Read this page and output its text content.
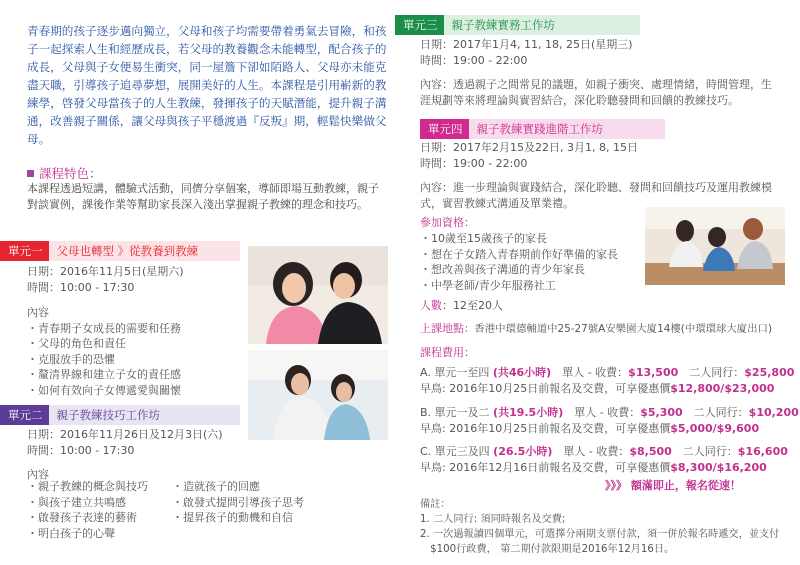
青春期的孩子逐步邁向獨立，父母和孩子均需要帶着勇氣去冒險，和孩子一起探索人生和經歷成長，若父母的教養觀念未能轉型，配合孩子的成長，父母與子女便易生衝突，同一屋簷下卻如陌路人、父母亦未能克盡天職，引導孩子追尋夢想，展開美好的人生。本課程是引用嶄新的教練學，啓發父母當孩子的人生教練，發揮孩子的天賦潛能，提升親子溝通，改善親子關係，讓父母與孩子平穩渡過『反叛』期，輕鬆快樂做父母。
課程特色：
本課程透過短講，體驗式活動，同儕分享個案，導師即場互動教練，親子對談實例，課後作業等幫助家長深入淺出掌握親子教練的理念和技巧。
單元一	父母也轉型 》從教養到教練
日期：2016年11月5日(星期六)
時間：10:00 - 17:30
內容
・青春期子女成長的需要和任務
・父母的角色和責任
・克服放手的恐懼
・釐清界線和建立子女的責任感
・如何有效向子女傳遞愛與關懷
單元二	親子教練技巧工作坊
日期：2016年11月26日及12月3日(六)
時間：10:00 - 17:30
內容
・親子教練的概念與技巧
・與孩子建立共鳴感
・啟發孩子表達的藝術
・明白孩子的心聲
・造就孩子的回應
・啟發式提問引導孩子思考
・提昇孩子的動機和自信
單元三	親子教練實務工作坊
日期：2017年1月4, 11, 18, 25日(星期三)
時間：19:00 - 22:00
內容：透過親子之間常見的議題，如親子衝突、處理情緒，時間管理，生涯規劃等來將理論與實習結合，深化聆聽發問和回饋的教練技巧。
單元四	親子教練實踐進階工作坊
日期：2017年2月15及22日, 3月1, 8, 15日
時間：19:00 - 22:00
內容：進一步理論與實踐結合，深化聆聽、發問和回饋技巧及運用教練模式，實習教練式溝通及單業禮。
參加資格：
・10歲至15歲孩子的家長
・想在子女踏入青春期前作好準備的家長
・想改善與孩子溝通的青少年家長
・中學老師/青少年服務社工
人數：12至20人
上課地點：香港中環德輔道中25-27號A安樂園大廈14樓(中環環球大廈出口)
課程費用：
A. 單元一至四 (共46小時)　單人 - 收費：$13,500　二人同行：$25,800
早鳥: 2016年10月25日前報名及交費，可享優惠價$12,800/$23,000
B. 單元一及二 (共19.5小時)　單人 - 收費：$5,300　二人同行：$10,200
早鳥: 2016年10月25日前報名及交費，可享優惠價$5,000/$9,600
C. 單元三及四 (26.5小時)　單人 - 收費：$8,500　二人同行：$16,600
早鳥: 2016年12月16日前報名及交費，可享優惠價$8,300/$16,200
》》》 額滿即止，報名從速！
備註：
1. 二人同行: 須同時報名及交費;
2. 一次過報讀四個單元，可選擇分兩期支票付款，須一併於報名時遞交，並支付
　$100行政費， 第二期付款限期是2016年12月16日。
